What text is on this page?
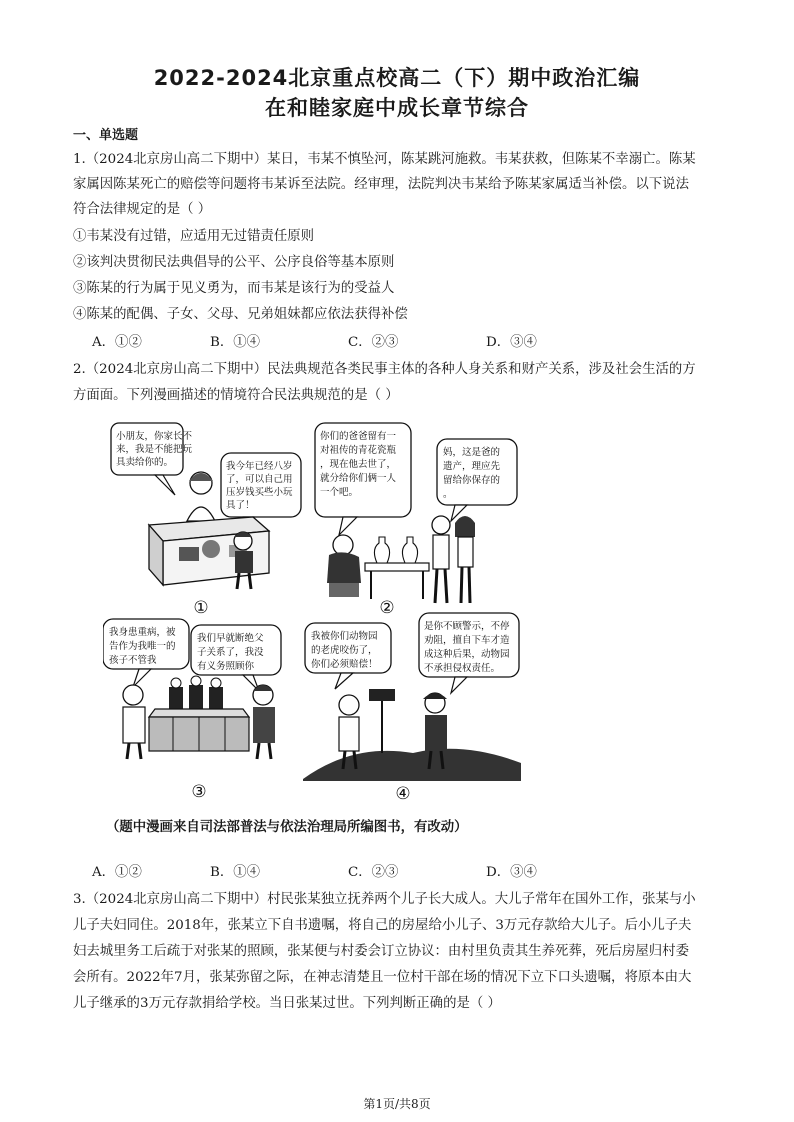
2022-2024北京重点校高二（下）期中政治汇编
在和睦家庭中成长章节综合
一、单选题
1.（2024北京房山高二下期中）某日，韦某不慎坠河，陈某跳河施救。韦某获救，但陈某不幸溺亡。陈某
家属因陈某死亡的赔偿等问题将韦某诉至法院。经审理，法院判决韦某给予陈某家属适当补偿。以下说法
符合法律规定的是（ ）
①韦某没有过错，应适用无过错责任原则
②该判决贯彻民法典倡导的公平、公序良俗等基本原则
③陈某的行为属于见义勇为，而韦某是该行为的受益人
④陈某的配偶、子女、父母、兄弟姐妹都应依法获得补偿
A．①②	B．①④	C．②③	D．③④
2.（2024北京房山高二下期中）民法典规范各类民事主体的各种人身关系和财产关系，涉及社会生活的方
方面面。下列漫画描述的情境符合民法典规范的是（ ）
小朋友，你家长不
来，我是不能把玩
具卖给你的。	我今年已经八岁
了，可以自己用
压岁钱买些小玩
具了！
①
你们的爸爸留有一
对祖传的青花瓷瓶
，现在他去世了，
就分给你们俩一人
一个吧。
妈，这是爸的
遗产，理应先
留给你保存的
。
②
我身患重病，被
告作为我唯一的
孩子不管我
我们早就断绝父
子关系了，我没
有义务照顾你
③
我被你们动物园
的老虎咬伤了，
你们必须赔偿！
是你不顾警示，不停
劝阻，擅自下车才造
成这种后果，动物园
不承担侵权责任。
④
（题中漫画来自司法部普法与依法治理局所编图书，有改动）
A．①②	B．①④	C．②③	D．③④
3.（2024北京房山高二下期中）村民张某独立抚养两个儿子长大成人。大儿子常年在国外工作，张某与小
儿子夫妇同住。2018年，张某立下自书遗嘱，将自己的房屋给小儿子、3万元存款给大儿子。后小儿子夫
妇去城里务工后疏于对张某的照顾，张某便与村委会订立协议：由村里负责其生养死葬，死后房屋归村委
会所有。2022年7月，张某弥留之际，在神志清楚且一位村干部在场的情况下立下口头遗嘱，将原本由大
儿子继承的3万元存款捐给学校。当日张某过世。下列判断正确的是（ ）
第1页/共8页
